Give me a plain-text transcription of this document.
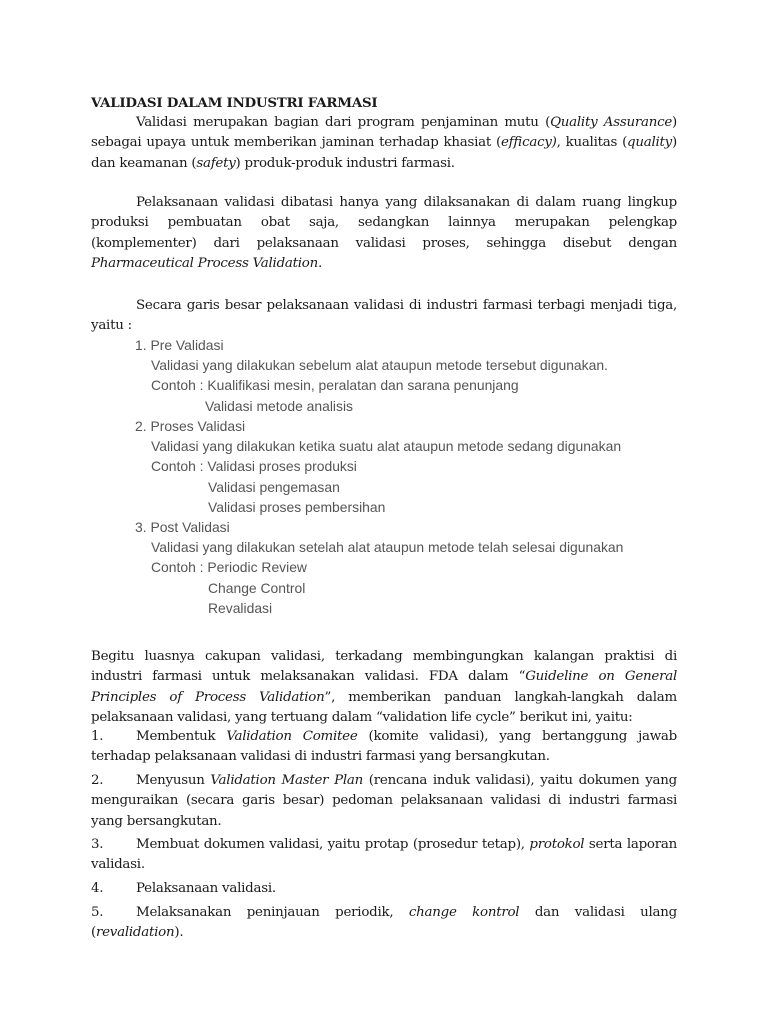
VALIDASI DALAM INDUSTRI FARMASI

Validasi merupakan bagian dari program penjaminan mutu (Quality Assurance) sebagai upaya untuk memberikan jaminan terhadap khasiat (efficacy), kualitas (quality) dan keamanan (safety) produk-produk industri farmasi.

Pelaksanaan validasi dibatasi hanya yang dilaksanakan di dalam ruang lingkup produksi pembuatan obat saja, sedangkan lainnya merupakan pelengkap (komplementer) dari pelaksanaan validasi proses, sehingga disebut dengan Pharmaceutical Process Validation.

Secara garis besar pelaksanaan validasi di industri farmasi terbagi menjadi tiga, yaitu :

1. Pre Validasi

Validasi yang dilakukan sebelum alat ataupun metode tersebut digunakan.

Contoh : Kualifikasi mesin, peralatan dan sarana penunjang

Validasi metode analisis

2. Proses Validasi

Validasi yang dilakukan ketika suatu alat ataupun metode sedang digunakan

Contoh : Validasi proses produksi

Validasi pengemasan

Validasi proses pembersihan

3. Post Validasi

Validasi yang dilakukan setelah alat ataupun metode telah selesai digunakan

Contoh : Periodic Review

Change Control

Revalidasi

Begitu luasnya cakupan validasi, terkadang membingungkan kalangan praktisi di industri farmasi untuk melaksanakan validasi. FDA dalam “Guideline on General Principles of Process Validation”, memberikan panduan langkah-langkah dalam pelaksanaan validasi, yang tertuang dalam “validation life cycle” berikut ini, yaitu:

1. Membentuk Validation Comitee (komite validasi), yang bertanggung jawab terhadap pelaksanaan validasi di industri farmasi yang bersangkutan.

2. Menyusun Validation Master Plan (rencana induk validasi), yaitu dokumen yang menguraikan (secara garis besar) pedoman pelaksanaan validasi di industri farmasi yang bersangkutan.

3. Membuat dokumen validasi, yaitu protap (prosedur tetap), protokol serta laporan validasi.

4. Pelaksanaan validasi.

5. Melaksanakan peninjauan periodik, change kontrol dan validasi ulang (revalidation).
